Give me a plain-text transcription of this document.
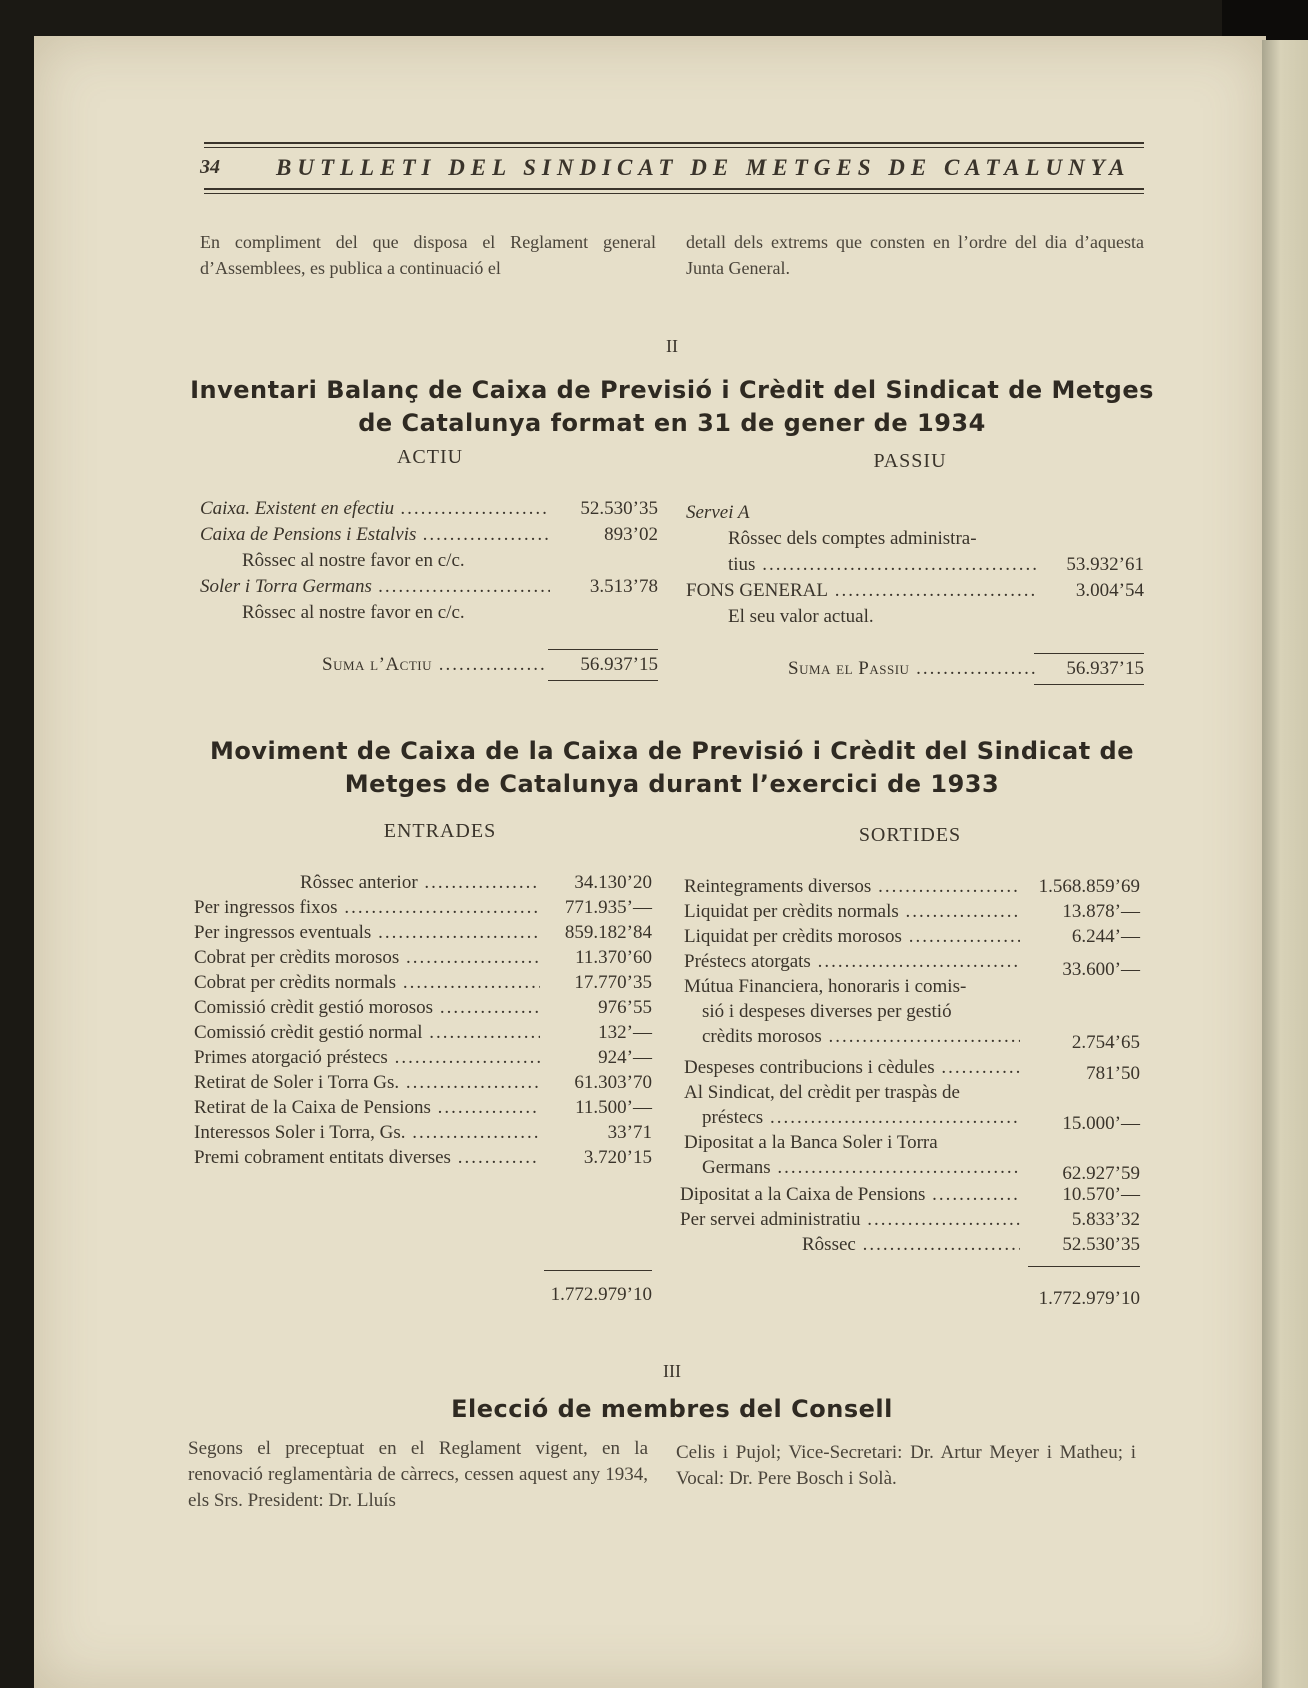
34 BUTLLETI DEL SINDICAT DE METGES DE CATALUNYA
En compliment del que disposa el Reglament general d’Assemblees, es publica a continuació el
detall dels extrems que consten en l’ordre del dia d’aquesta Junta General.
II
Inventari Balanç de Caixa de Previsió i Crèdit del Sindicat de Metges
de Catalunya format en 31 de gener de 1934
ACTIU	PASSIU
Caixa. Existent en efectiu .....	52.530’35
Caixa de Pensions i Estalvis .....	893’02
Rôssec al nostre favor en c/c.
Soler i Torra Germans .....	3.513’78
Rôssec al nostre favor en c/c.
Suma l’Actiu .....	56.937’15
Servei A
Rôssec dels comptes administra-
tius .....	53.932’61
FONS GENERAL .....	3.004’54
El seu valor actual.
Suma el Passiu .....	56.937’15
Moviment de Caixa de la Caixa de Previsió i Crèdit del Sindicat de
Metges de Catalunya durant l’exercici de 1933
ENTRADES	SORTIDES
Rôssec anterior .....	34.130’20
Per ingressos fixos .....	771.935’—
Per ingressos eventuals .....	859.182’84
Cobrat per crèdits morosos .....	11.370’60
Cobrat per crèdits normals .....	17.770’35
Comissió crèdit gestió morosos .....	976’55
Comissió crèdit gestió normal .....	132’—
Primes atorgació préstecs .....	924’—
Retirat de Soler i Torra Gs. .....	61.303’70
Retirat de la Caixa de Pensions .....	11.500’—
Interessos Soler i Torra, Gs. .....	33’71
Premi cobrament entitats diverses .....	3.720’15
1.772.979’10
Reintegraments diversos .....	1.568.859’69
Liquidat per crèdits normals .....	13.878’—
Liquidat per crèdits morosos .....	6.244’—
Préstecs atorgats .....	33.600’—
Mútua Financiera, honoraris i comis-
sió i despeses diverses per gestió
crèdits morosos .....	2.754’65
Despeses contribucions i cèdules .....	781’50
Al Sindicat, del crèdit per traspàs de
préstecs .....	15.000’—
Dipositat a la Banca Soler i Torra
Germans .....	62.927’59
Dipositat a la Caixa de Pensions .....	10.570’—
Per servei administratiu .....	5.833’32
Rôssec .....	52.530’35
1.772.979’10
III
Elecció de membres del Consell
Segons el preceptuat en el Reglament vigent, en la renovació reglamentària de càrrecs, cessen aquest any 1934, els Srs. President: Dr. Lluís
Celis i Pujol; Vice-Secretari: Dr. Artur Meyer i Matheu; i Vocal: Dr. Pere Bosch i Solà.
